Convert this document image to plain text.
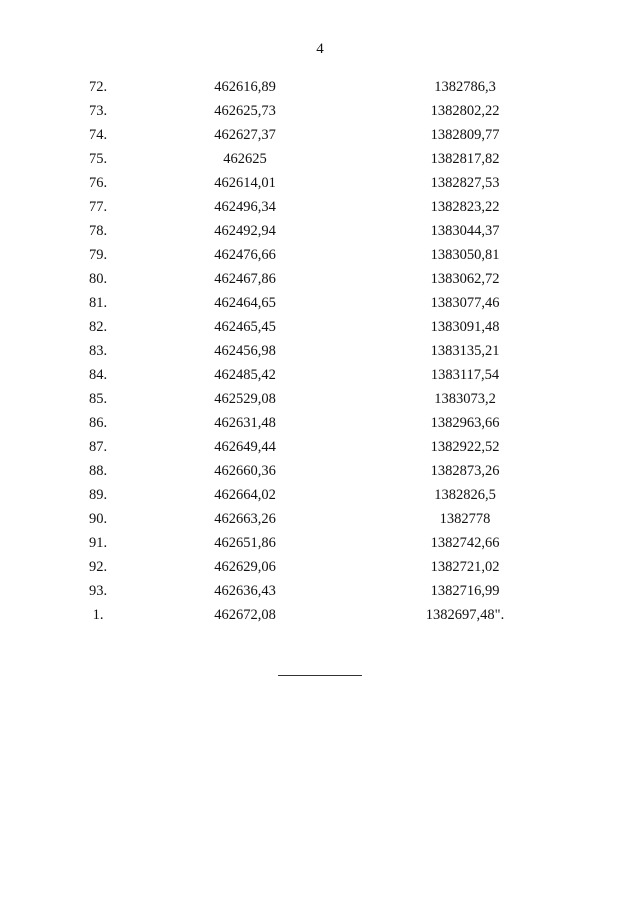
4
72.	462616,89	1382786,3
73.	462625,73	1382802,22
74.	462627,37	1382809,77
75.	462625	1382817,82
76.	462614,01	1382827,53
77.	462496,34	1382823,22
78.	462492,94	1383044,37
79.	462476,66	1383050,81
80.	462467,86	1383062,72
81.	462464,65	1383077,46
82.	462465,45	1383091,48
83.	462456,98	1383135,21
84.	462485,42	1383117,54
85.	462529,08	1383073,2
86.	462631,48	1382963,66
87.	462649,44	1382922,52
88.	462660,36	1382873,26
89.	462664,02	1382826,5
90.	462663,26	1382778
91.	462651,86	1382742,66
92.	462629,06	1382721,02
93.	462636,43	1382716,99
1.	462672,08	1382697,48".
